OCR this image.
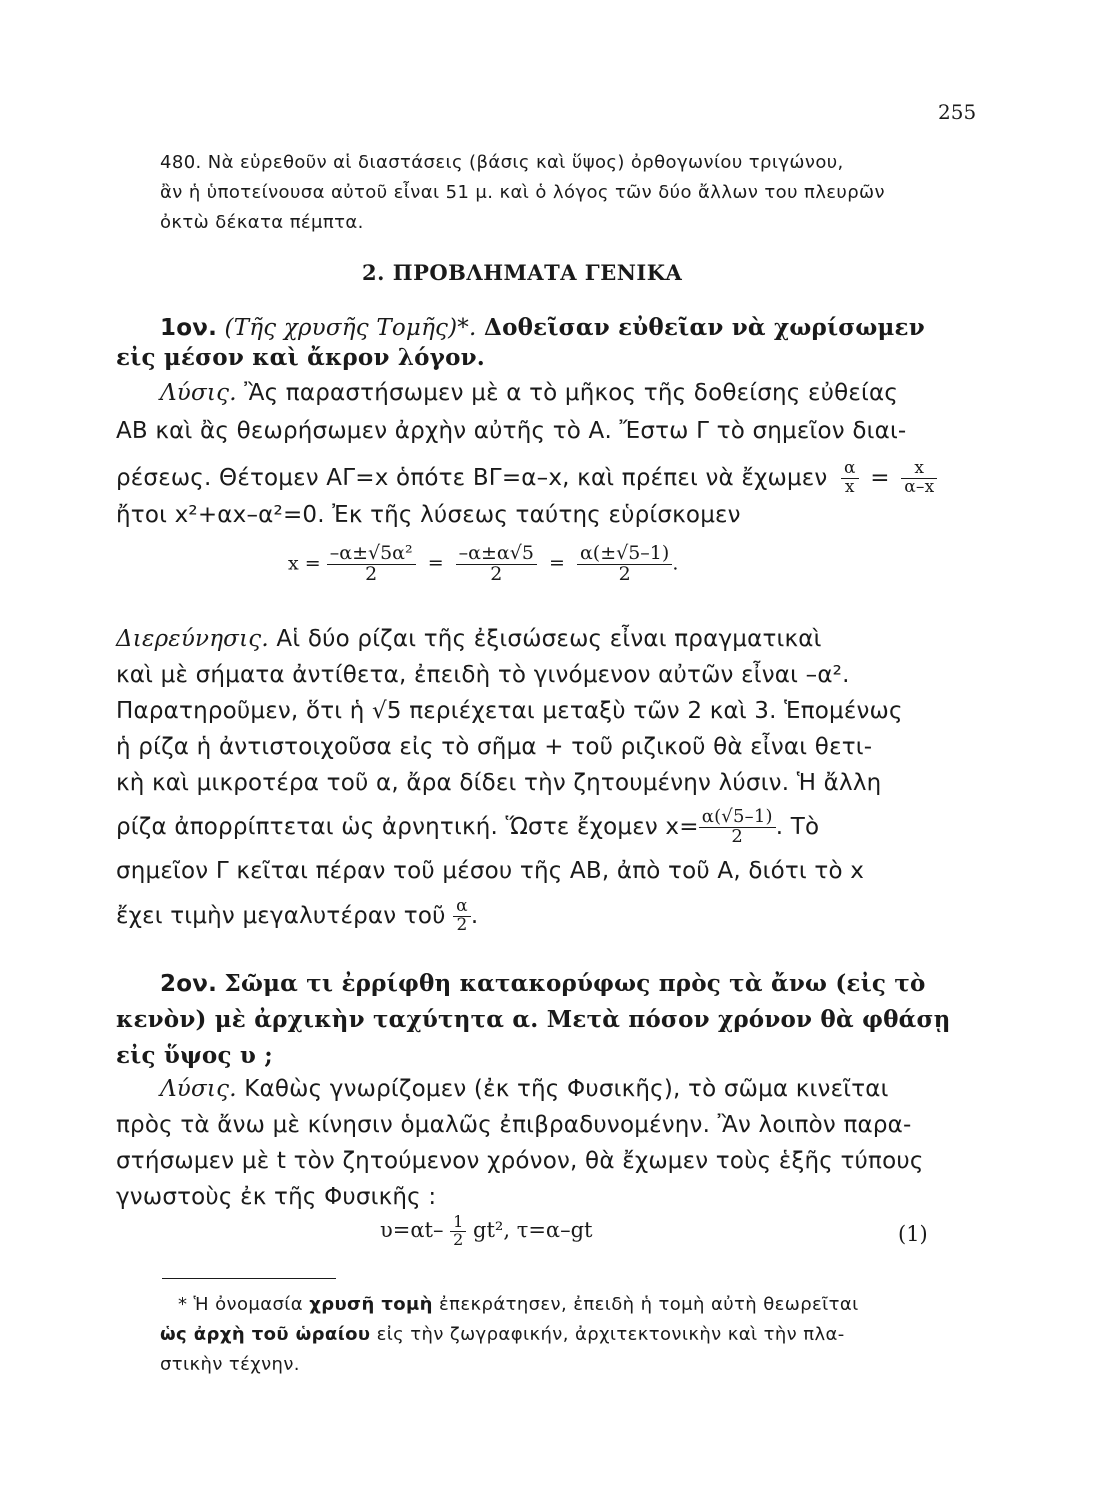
255
480. Νὰ εὑρεθοῦν αἱ διαστάσεις (βάσις καὶ ὕψος) ὀρθογωνίου τριγώνου,
ἂν ἡ ὑποτείνουσα αὐτοῦ εἶναι 51 μ. καὶ ὁ λόγος τῶν δύο ἄλλων του πλευρῶν
ὀκτὼ δέκατα πέμπτα.
2. ΠΡΟΒΛΗΜΑΤΑ ΓΕΝΙΚΑ
1ον. (Τῆς χρυσῆς Τομῆς)*. Δοθεῖσαν εὐθεῖαν νὰ χωρίσωμεν
εἰς μέσον καὶ ἄκρον λόγον.
Λύσις. Ἂς παραστήσωμεν μὲ α τὸ μῆκος τῆς δοθείσης εὐθείας
ΑΒ καὶ ἂς θεωρήσωμεν ἀρχὴν αὐτῆς τὸ Α. Ἔστω Γ τὸ σημεῖον διαι-
ρέσεως. Θέτομεν ΑΓ=x ὁπότε ΒΓ=α–x, καὶ πρέπει νὰ ἔχωμεν $\frac{\alpha}{x} = \frac{x}{\alpha-x}$
ἤτοι x²+αx–α²=0. Ἐκ τῆς λύσεως ταύτης εὑρίσκομεν
$x = \frac{\text{–α±√5α²}}{2} = \frac{-\alpha\pm\alpha√5}{2} = \frac{\alpha(\pm√5-1)}{2}$ .
Διερεύνησις. Αἱ δύο ρίζαι τῆς ἐξισώσεως εἶναι πραγματικαὶ
καὶ μὲ σήματα ἀντίθετα, ἐπειδὴ τὸ γινόμενον αὐτῶν εἶναι –α².
Παρατηροῦμεν, ὅτι ἡ √5 περιέχεται μεταξὺ τῶν 2 καὶ 3. Ἑπομένως
ἡ ρίζα ἡ ἀντιστοιχοῦσα εἰς τὸ σῆμα + τοῦ ριζικοῦ θὰ εἶναι θετι-
κὴ καὶ μικροτέρα τοῦ α, ἄρα δίδει τὴν ζητουμένην λύσιν. Ἡ ἄλλη
ρίζα ἀπορρίπτεται ὡς ἀρνητική. Ὥστε ἔχομεν $x= \frac{\alpha(√5-1)}{2}$ . Τὸ
σημεῖον Γ κεῖται πέραν τοῦ μέσου τῆς ΑΒ, ἀπὸ τοῦ Α, διότι τὸ x
ἔχει τιμὴν μεγαλυτέραν τοῦ $\frac{\alpha}{2}$ .
2ον. Σῶμα τι ἐρρίφθη κατακορύφως πρὸς τὰ ἄνω (εἰς τὸ
κενὸν) μὲ ἀρχικὴν ταχύτητα α. Μετὰ πόσον χρόνον θὰ φθάσῃ
εἰς ὕψος υ ;
Λύσις. Καθὼς γνωρίζομεν (ἐκ τῆς Φυσικῆς), τὸ σῶμα κινεῖται
πρὸς τὰ ἄνω μὲ κίνησιν ὁμαλῶς ἐπιβραδυνομένην. Ἂν λοιπὸν παρα-
στήσωμεν μὲ t τὸν ζητούμενον χρόνον, θὰ ἔχωμεν τοὺς ἑξῆς τύπους
γνωστοὺς ἐκ τῆς Φυσικῆς :
$\upsilon=\alpha t- \frac{1}{2} gt^2$, τ=α–gt	(1)
* Ἡ ὀνομασία χρυσῆ τομὴ ἐπεκράτησεν, ἐπειδὴ ἡ τομὴ αὐτὴ θεωρεῖται
ὡς ἀρχὴ τοῦ ὡραίου εἰς τὴν ζωγραφικήν, ἀρχιτεκτονικὴν καὶ τὴν πλα-
στικὴν τέχνην.
